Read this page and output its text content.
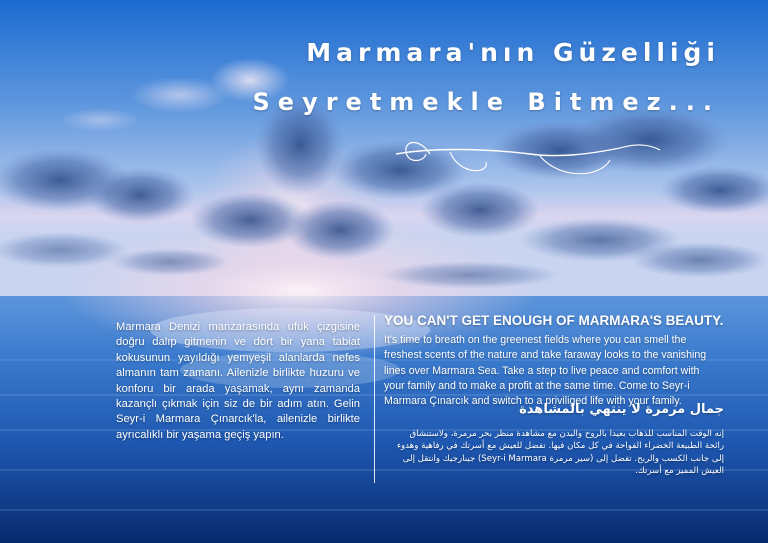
Marmara'nın Güzelliği
Seyretmekle Bitmez...
Marmara Denizi manzarasında ufuk çizgisine doğru dalıp gitmenin ve dört bir yana tabiat kokusunun yayıldığı yemyeşil alanlarda nefes almanın tam zamanı. Ailenizle birlikte huzuru ve konforu bir arada yaşamak, aynı zamanda kazançlı çıkmak için siz de bir adım atın. Gelin Seyr-i Marmara Çınarcık'la, ailenizle birlikte ayrıcalıklı bir yaşama geçiş yapın.
YOU CAN'T GET ENOUGH OF MARMARA'S BEAUTY.
It's time to breath on the greenest fields where you can smell the freshest scents of the nature and take faraway looks to the vanishing lines over Marmara Sea. Take a step to live peace and comfort with your family and to make a profit at the same time. Come to Seyr-i Marmara Çınarcık and switch to a priviliged life with your family.
جمال مرمرة لا ينتهي بالمشاهدة
إنه الوقت المناسب للذهاب بعيدا بالروح والبدن مع مشاهدة منظر بحر مرمرة، ولاستنشاق رائحة الطبيعة الخضراء الفواحة في كل مكان فيها. تفضل للعيش مع أسرتك في رفاهية وهدوء إلى جانب الكسب والربح. تفضل إلى (سير مرمرة Seyr-i Marmara) جينارجيك وانتقل إلى العيش المميز مع أسرتك.
